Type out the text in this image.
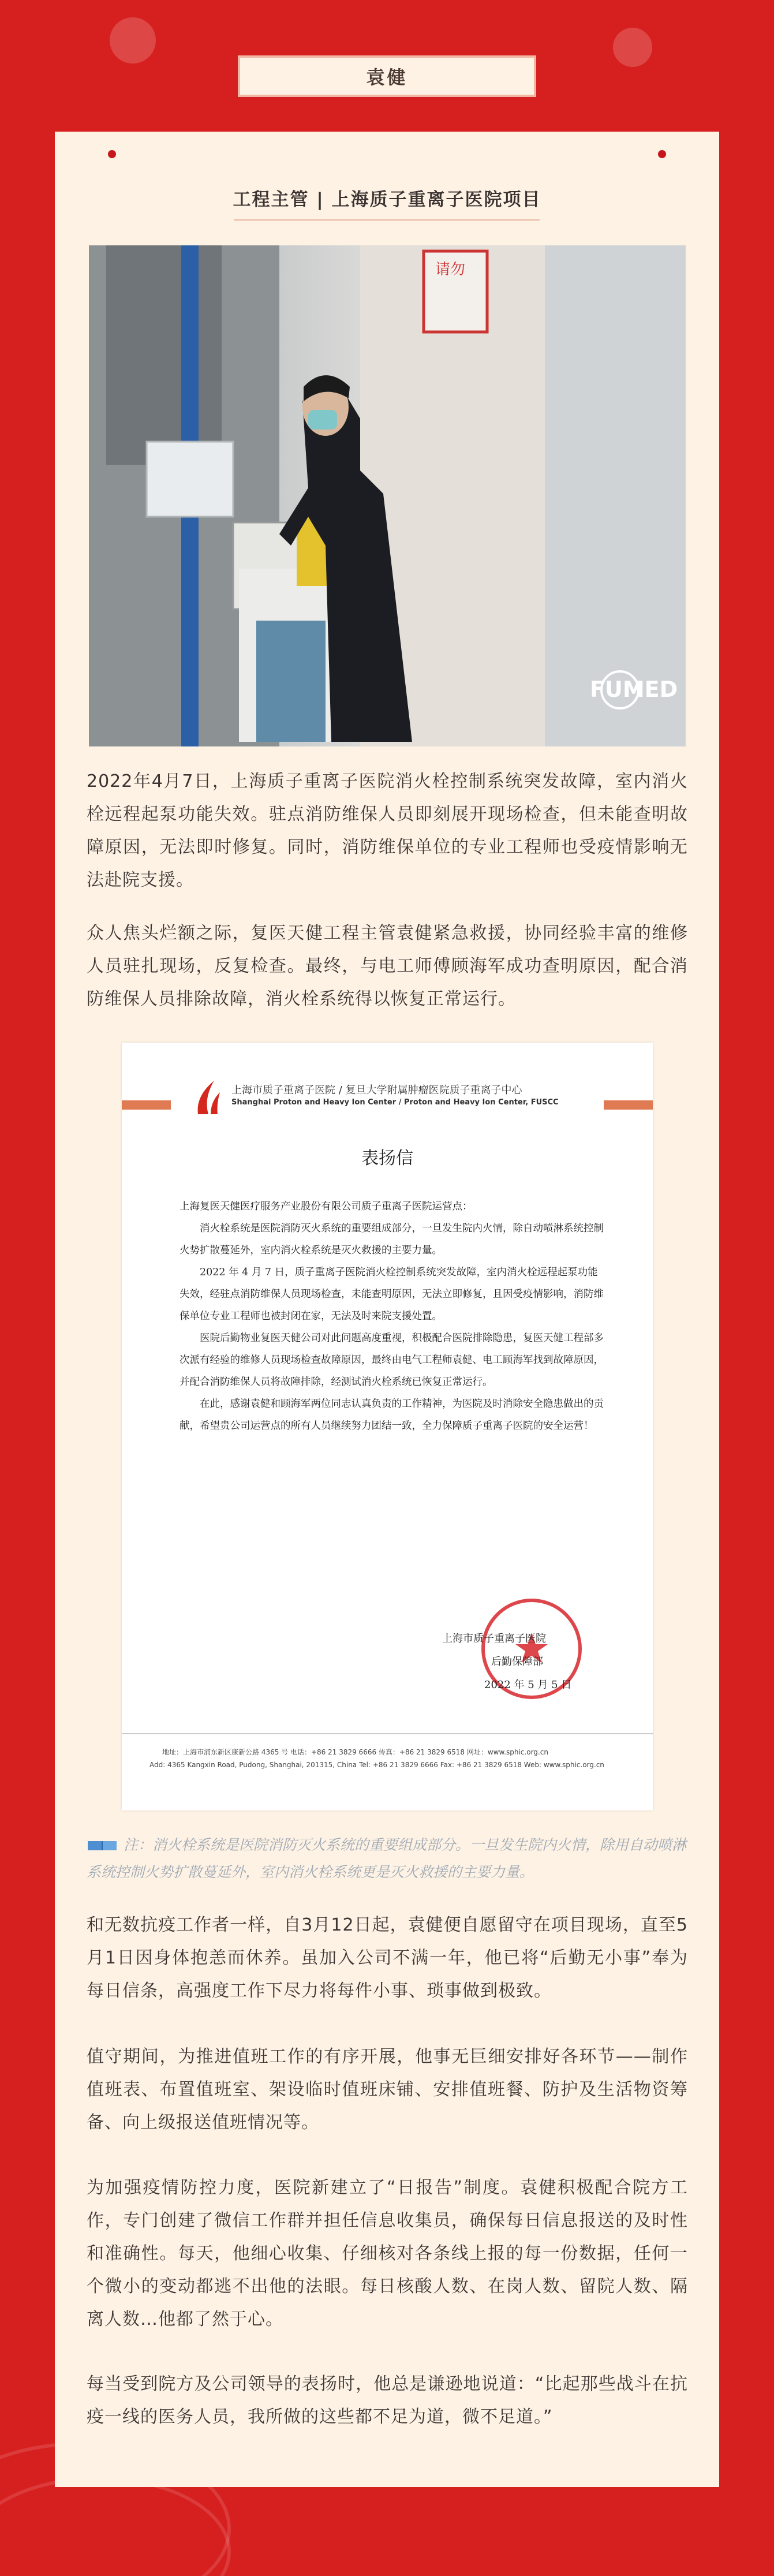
袁健
工程主管 | 上海质子重离子医院项目
请勿
FUMED

2022年4月7日，上海质子重离子医院消火栓控制系统突发故障，室内消火栓远程起泵功能失效。驻点消防维保人员即刻展开现场检查，但未能查明故障原因，无法即时修复。同时，消防维保单位的专业工程师也受疫情影响无法赴院支援。

众人焦头烂额之际，复医天健工程主管袁健紧急救援，协同经验丰富的维修人员驻扎现场，反复检查。最终，与电工师傅顾海军成功查明原因，配合消防维保人员排除故障，消火栓系统得以恢复正常运行。

上海市质子重离子医院 / 复旦大学附属肿瘤医院质子重离子中心
Shanghai Proton and Heavy Ion Center / Proton and Heavy Ion Center, FUSCC
表扬信

上海复医天健医疗服务产业股份有限公司质子重离子医院运营点：

消火栓系统是医院消防灭火系统的重要组成部分，一旦发生院内火情，除自动喷淋系统控制火势扩散蔓延外，室内消火栓系统是灭火救援的主要力量。

2022 年 4 月 7 日，质子重离子医院消火栓控制系统突发故障，室内消火栓远程起泵功能失效，经驻点消防维保人员现场检查，未能查明原因，无法立即修复，且因受疫情影响，消防维保单位专业工程师也被封闭在家，无法及时来院支援处置。

医院后勤物业复医天健公司对此问题高度重视，积极配合医院排除隐患，复医天健工程部多次派有经验的维修人员现场检查故障原因，最终由电气工程师袁健、电工顾海军找到故障原因，并配合消防维保人员将故障排除，经测试消火栓系统已恢复正常运行。

在此，感谢袁健和顾海军两位同志认真负责的工作精神，为医院及时消除安全隐患做出的贡献，希望贵公司运营点的所有人员继续努力团结一致，全力保障质子重离子医院的安全运营！

上海市质子重离子医院
后勤保障部
2022 年 5 月 5 日
地址：上海市浦东新区康新公路 4365 号 电话：+86 21 3829 6666 传真：+86 21 3829 6518 网址：www.sphic.org.cn
Add: 4365 Kangxin Road, Pudong, Shanghai, 201315, China Tel: +86 21 3829 6666 Fax: +86 21 3829 6518 Web: www.sphic.org.cn

注：消火栓系统是医院消防灭火系统的重要组成部分。一旦发生院内火情，除用自动喷淋系统控制火势扩散蔓延外，室内消火栓系统更是灭火救援的主要力量。

和无数抗疫工作者一样，自3月12日起，袁健便自愿留守在项目现场，直至5月1日因身体抱恙而休养。虽加入公司不满一年，他已将“后勤无小事”奉为每日信条，高强度工作下尽力将每件小事、琐事做到极致。

值守期间，为推进值班工作的有序开展，他事无巨细安排好各环节——制作值班表、布置值班室、架设临时值班床铺、安排值班餐、防护及生活物资筹备、向上级报送值班情况等。

为加强疫情防控力度，医院新建立了“日报告”制度。袁健积极配合院方工作，专门创建了微信工作群并担任信息收集员，确保每日信息报送的及时性和准确性。每天，他细心收集、仔细核对各条线上报的每一份数据，任何一个微小的变动都逃不出他的法眼。每日核酸人数、在岗人数、留院人数、隔离人数…他都了然于心。

每当受到院方及公司领导的表扬时，他总是谦逊地说道：“比起那些战斗在抗疫一线的医务人员，我所做的这些都不足为道，微不足道。”
